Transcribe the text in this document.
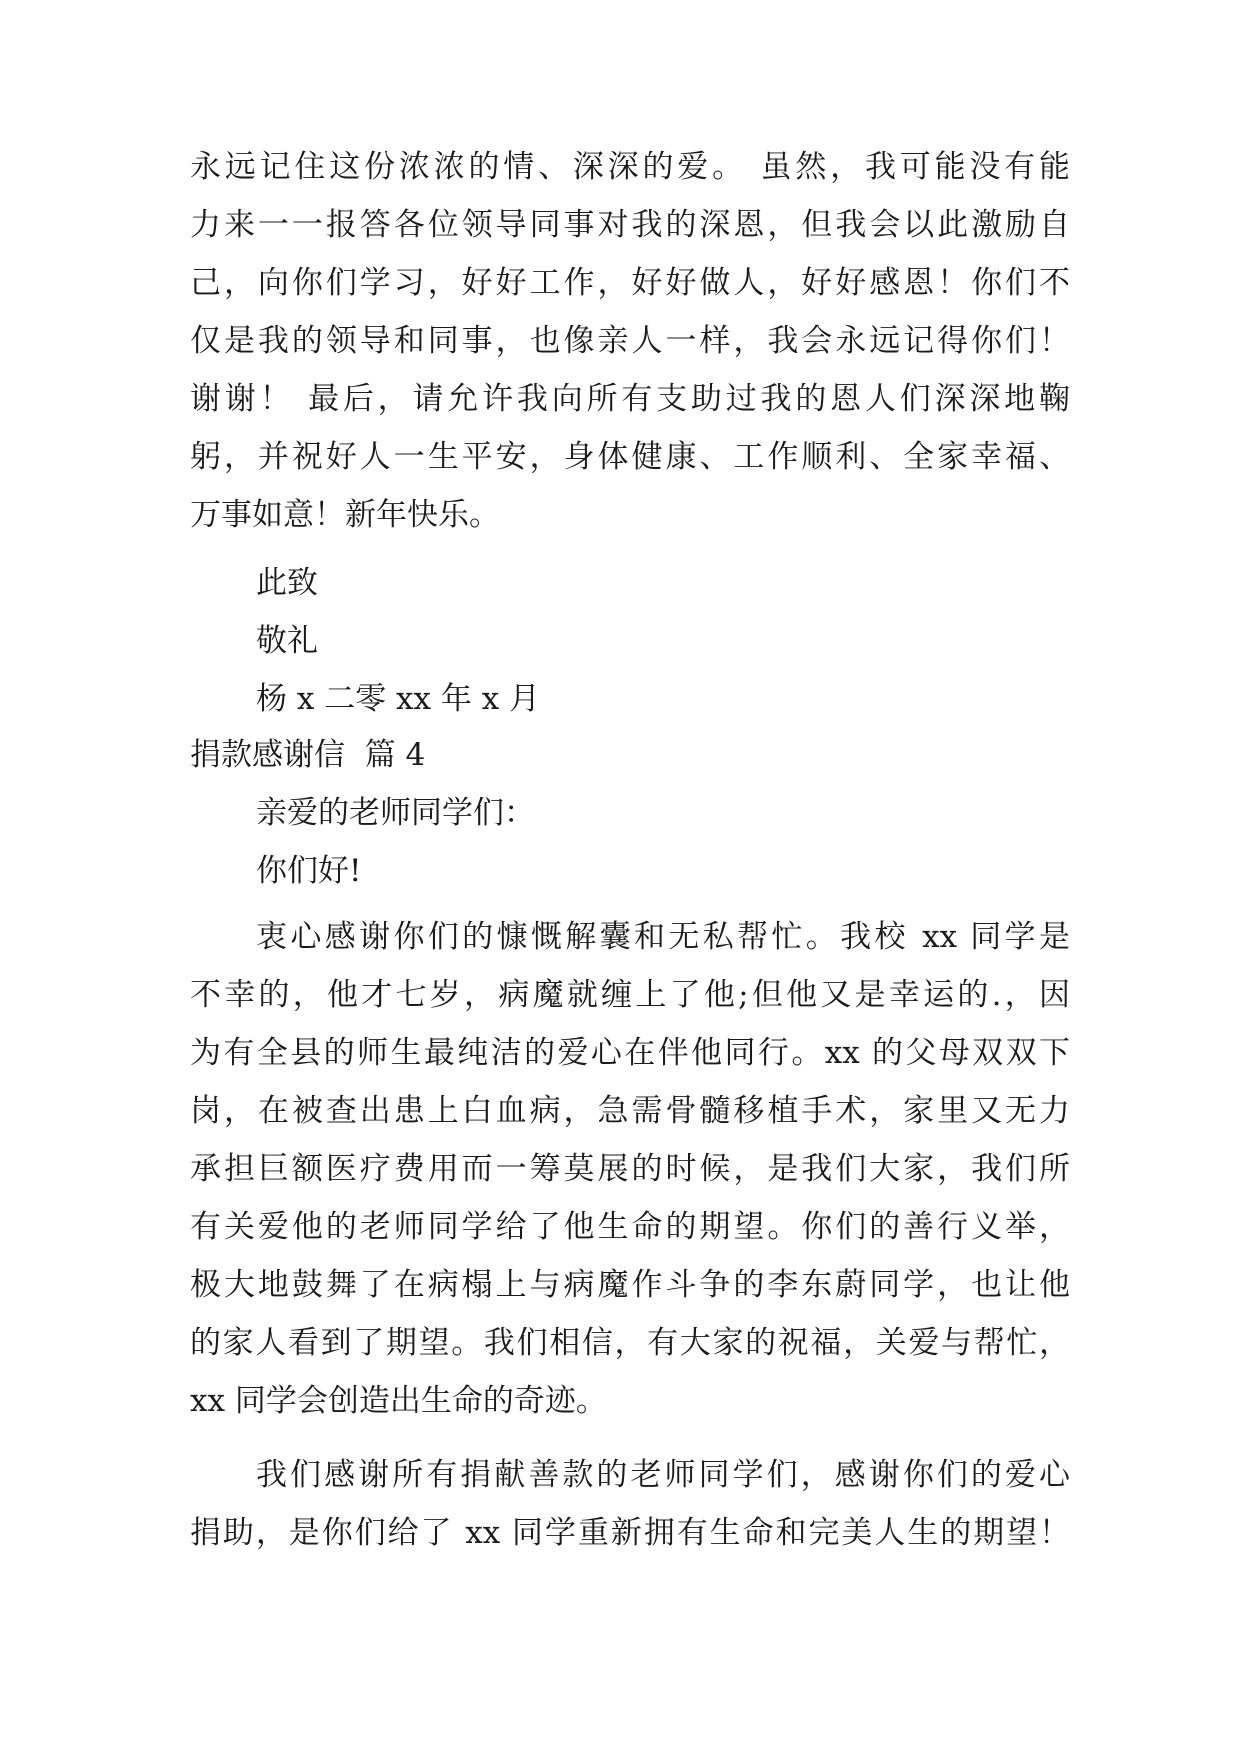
永远记住这份浓浓的情、深深的爱。 虽然，我可能没有能

力来一一报答各位领导同事对我的深恩，但我会以此激励自

己，向你们学习，好好工作，好好做人，好好感恩！你们不

仅是我的领导和同事，也像亲人一样，我会永远记得你们！

谢谢！ 最后，请允许我向所有支助过我的恩人们深深地鞠

躬，并祝好人一生平安，身体健康、工作顺利、全家幸福、

万事如意！新年快乐。

此致

敬礼

杨 x 二零 xx 年 x 月

捐款感谢信  篇 4

亲爱的老师同学们：

你们好!

衷心感谢你们的慷慨解囊和无私帮忙。我校 xx 同学是

不幸的，他才七岁，病魔就缠上了他;但他又是幸运的.，因

为有全县的师生最纯洁的爱心在伴他同行。xx 的父母双双下

岗，在被查出患上白血病，急需骨髓移植手术，家里又无力

承担巨额医疗费用而一筹莫展的时候，是我们大家，我们所

有关爱他的老师同学给了他生命的期望。你们的善行义举，

极大地鼓舞了在病榻上与病魔作斗争的李东蔚同学，也让他

的家人看到了期望。我们相信，有大家的祝福，关爱与帮忙，

xx 同学会创造出生命的奇迹。

我们感谢所有捐献善款的老师同学们，感谢你们的爱心

捐助，是你们给了 xx 同学重新拥有生命和完美人生的期望！
